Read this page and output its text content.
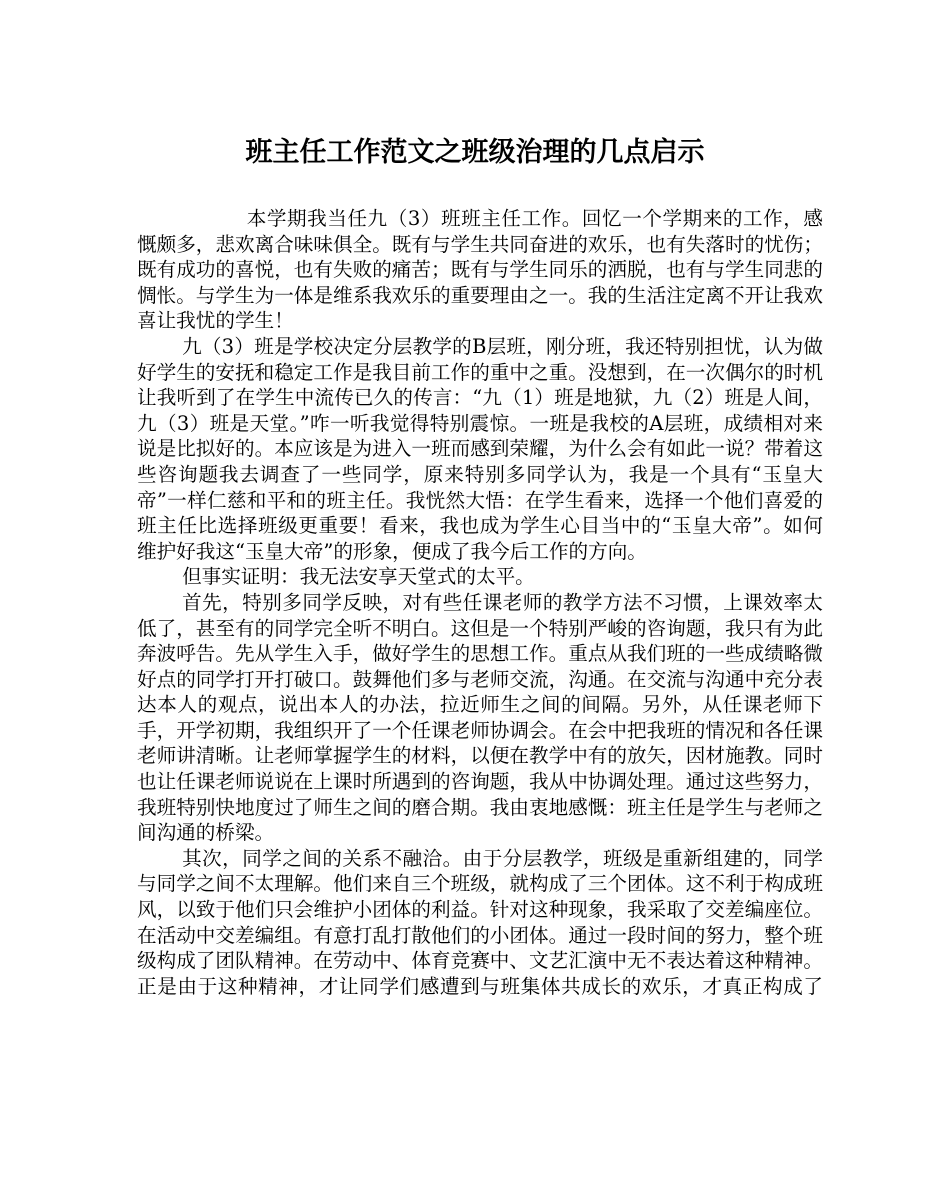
班主任工作范文之班级治理的几点启示

本学期我当任九（3）班班主任工作。回忆一个学期来的工作，感慨颇多，悲欢离合味味俱全。既有与学生共同奋进的欢乐，也有失落时的忧伤；既有成功的喜悦，也有失败的痛苦；既有与学生同乐的洒脱，也有与学生同悲的惆怅。与学生为一体是维系我欢乐的重要理由之一。我的生活注定离不开让我欢喜让我忧的学生！

九（3）班是学校决定分层教学的B层班，刚分班，我还特别担忧，认为做好学生的安抚和稳定工作是我目前工作的重中之重。没想到，在一次偶尔的时机让我听到了在学生中流传已久的传言：“九（1）班是地狱，九（2）班是人间，九（3）班是天堂。”咋一听我觉得特别震惊。一班是我校的A层班，成绩相对来说是比拟好的。本应该是为进入一班而感到荣耀，为什么会有如此一说？带着这些咨询题我去调查了一些同学，原来特别多同学认为，我是一个具有“玉皇大帝”一样仁慈和平和的班主任。我恍然大悟：在学生看来，选择一个他们喜爱的班主任比选择班级更重要！看来，我也成为学生心目当中的“玉皇大帝”。如何维护好我这“玉皇大帝”的形象，便成了我今后工作的方向。

但事实证明：我无法安享天堂式的太平。

首先，特别多同学反映，对有些任课老师的教学方法不习惯，上课效率太低了，甚至有的同学完全听不明白。这但是一个特别严峻的咨询题，我只有为此奔波呼告。先从学生入手，做好学生的思想工作。重点从我们班的一些成绩略微好点的同学打开打破口。鼓舞他们多与老师交流，沟通。在交流与沟通中充分表达本人的观点，说出本人的办法，拉近师生之间的间隔。另外，从任课老师下手，开学初期，我组织开了一个任课老师协调会。在会中把我班的情况和各任课老师讲清晰。让老师掌握学生的材料，以便在教学中有的放矢，因材施教。同时也让任课老师说说在上课时所遇到的咨询题，我从中协调处理。通过这些努力，我班特别快地度过了师生之间的磨合期。我由衷地感慨：班主任是学生与老师之间沟通的桥梁。

其次，同学之间的关系不融洽。由于分层教学，班级是重新组建的，同学与同学之间不太理解。他们来自三个班级，就构成了三个团体。这不利于构成班风，以致于他们只会维护小团体的利益。针对这种现象，我采取了交差编座位。在活动中交差编组。有意打乱打散他们的小团体。通过一段时间的努力，整个班级构成了团队精神。在劳动中、体育竞赛中、文艺汇演中无不表达着这种精神。正是由于这种精神，才让同学们感遭到与班集体共成长的欢乐，才真正构成了
